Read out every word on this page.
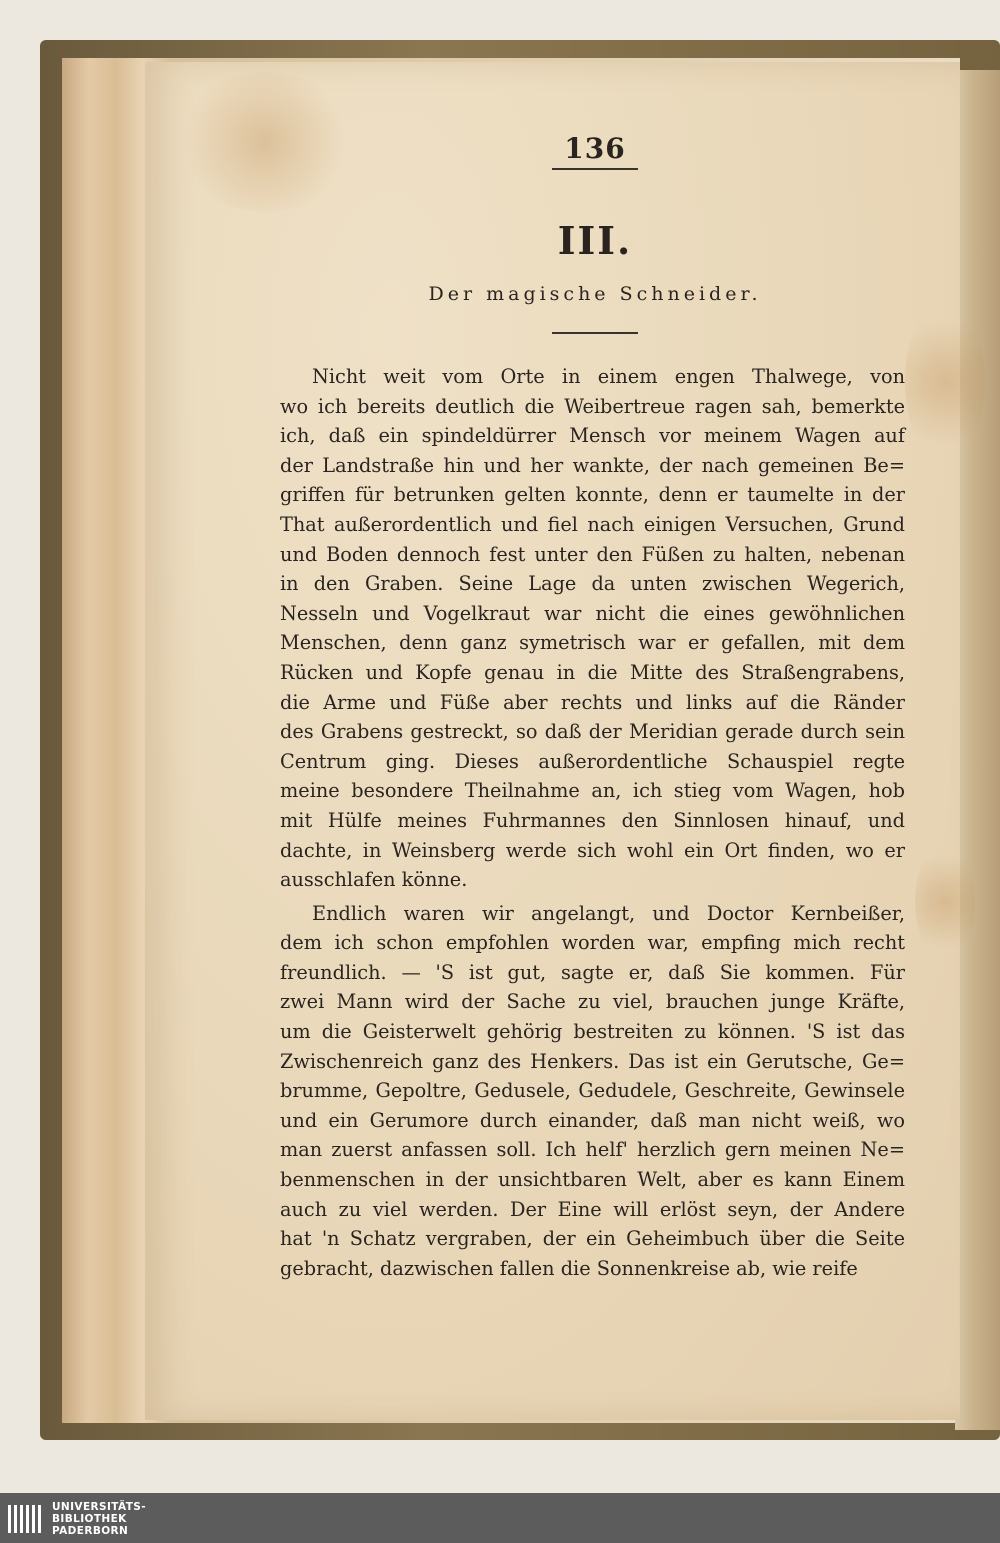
136
III.
Der magische Schneider.
Nicht weit vom Orte in einem engen Thalwege, von
wo ich bereits deutlich die Weibertreue ragen sah, bemerkte
ich, daß ein spindeldürrer Mensch vor meinem Wagen auf
der Landstraße hin und her wankte, der nach gemeinen Be=
griffen für betrunken gelten konnte, denn er taumelte in der
That außerordentlich und fiel nach einigen Versuchen, Grund
und Boden dennoch fest unter den Füßen zu halten, nebenan
in den Graben. Seine Lage da unten zwischen Wegerich,
Nesseln und Vogelkraut war nicht die eines gewöhnlichen
Menschen, denn ganz symetrisch war er gefallen, mit dem
Rücken und Kopfe genau in die Mitte des Straßengrabens,
die Arme und Füße aber rechts und links auf die Ränder
des Grabens gestreckt, so daß der Meridian gerade durch sein
Centrum ging. Dieses außerordentliche Schauspiel regte
meine besondere Theilnahme an, ich stieg vom Wagen, hob
mit Hülfe meines Fuhrmannes den Sinnlosen hinauf, und
dachte, in Weinsberg werde sich wohl ein Ort finden, wo er
ausschlafen könne.
Endlich waren wir angelangt, und Doctor Kernbeißer,
dem ich schon empfohlen worden war, empfing mich recht
freundlich. — 'S ist gut, sagte er, daß Sie kommen. Für
zwei Mann wird der Sache zu viel, brauchen junge Kräfte,
um die Geisterwelt gehörig bestreiten zu können. 'S ist das
Zwischenreich ganz des Henkers. Das ist ein Gerutsche, Ge=
brumme, Gepoltre, Gedusele, Gedudele, Geschreite, Gewinsele
und ein Gerumore durch einander, daß man nicht weiß, wo
man zuerst anfassen soll. Ich helf' herzlich gern meinen Ne=
benmenschen in der unsichtbaren Welt, aber es kann Einem
auch zu viel werden. Der Eine will erlöst seyn, der Andere
hat 'n Schatz vergraben, der ein Geheimbuch über die Seite
gebracht, dazwischen fallen die Sonnenkreise ab, wie reife
UNIVERSITÄTS-
BIBLIOTHEK
PADERBORN
